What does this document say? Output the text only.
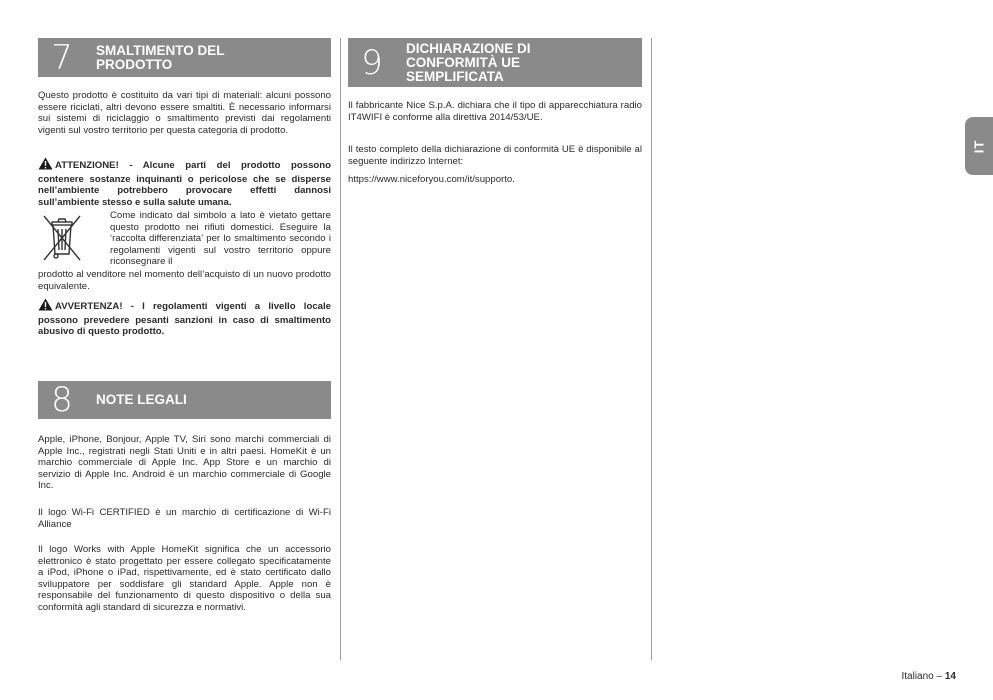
7	SMALTIMENTO DEL PRODOTTO

Questo prodotto è costituito da vari tipi di materiali: alcuni possono essere riciclati, altri devono essere smaltiti. È necessario informarsi sui sistemi di riciclaggio o smaltimento previsti dai regolamenti vigenti sul vostro territorio per questa categoria di prodotto.

ATTENZIONE! - Alcune parti del prodotto possono contenere sostanze inquinanti o pericolose che se disperse nell’ambiente potrebbero provocare effetti dannosi sull’ambiente stesso e sulla salute umana.

Come indicato dal simbolo a lato è vietato gettare questo prodotto nei rifiuti domestici. Eseguire la ‘raccolta differenziata’ per lo smaltimento secondo i regolamenti vigenti sul vostro territorio oppure riconsegnare il

prodotto al venditore nel momento dell’acquisto di un nuovo prodotto equivalente.

AVVERTENZA! - I regolamenti vigenti a livello locale possono prevedere pesanti sanzioni in caso di smaltimento abusivo di questo prodotto.

8	NOTE LEGALI

Apple, iPhone, Bonjour, Apple TV, Siri sono marchi commerciali di Apple Inc., registrati negli Stati Uniti e in altri paesi. HomeKit è un marchio commerciale di Apple Inc. App Store e un marchio di servizio di Apple Inc. Android è un marchio commerciale di Google Inc.

Il logo Wi-Fi CERTIFIED è un marchio di certificazione di Wi-Fi Alliance

Il logo Works with Apple HomeKit significa che un accessorio elettronico è stato progettato per essere collegato specificatamente a iPod, iPhone o iPad, rispettivamente, ed è stato certificato dallo sviluppatore per soddisfare gli standard Apple. Apple non è responsabile del funzionamento di questo dispositivo o della sua conformità agli standard di sicurezza e normativi.

9	DICHIARAZIONE DI
CONFORMITÀ UE
SEMPLIFICATA

Il fabbricante Nice S.p.A. dichiara che il tipo di apparecchiatura radio IT4WIFI è conforme alla direttiva 2014/53/UE.

Il testo completo della dichiarazione di conformità UE è disponibile al seguente indirizzo Internet:

https://www.niceforyou.com/it/supporto.

IT
Italiano – 14
